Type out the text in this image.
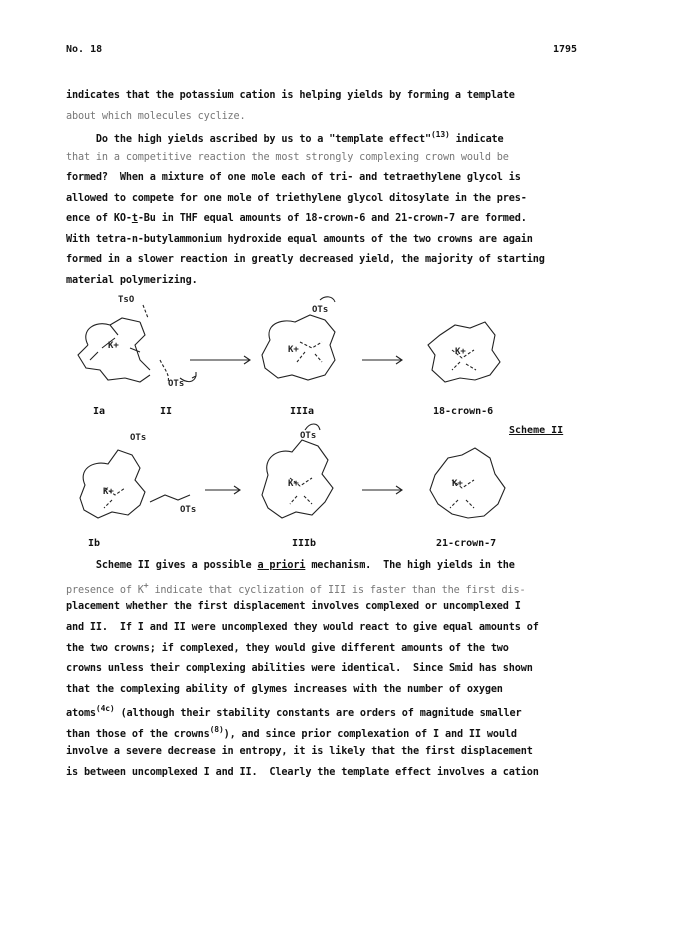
No. 18	1795
indicates that the potassium cation is helping yields by forming a template
about which molecules cyclize.
Do the high yields ascribed by us to a "template effect"$^{(13)}$ indicate
that in a competitive reaction the most strongly complexing crown would be
formed?  When a mixture of one mole each of tri- and tetraethylene glycol is
allowed to compete for one mole of triethylene glycol ditosylate in the pres-
ence of KO-t-Bu in THF equal amounts of 18-crown-6 and 21-crown-7 are formed.
With tetra-n-butylammonium hydroxide equal amounts of the two crowns are again
formed in a slower reaction in greatly decreased yield, the majority of starting
material polymerizing.
TsO
K+
OTs
OTs
K+	K+
OTs
K+
OTs
OTs
K+	K+
Ia	II	IIIa	18-crown-6
Scheme II
Ib	IIIb	21-crown-7
Scheme II gives a possible a priori mechanism.  The high yields in the
presence of K+ indicate that cyclization of III is faster than the first dis-
placement whether the first displacement involves complexed or uncomplexed I
and II.  If I and II were uncomplexed they would react to give equal amounts of
the two crowns; if complexed, they would give different amounts of the two
crowns unless their complexing abilities were identical.  Since Smid has shown
that the complexing ability of glymes increases with the number of oxygen
atoms$^{(4c)}$ (although their stability constants are orders of magnitude smaller
than those of the crowns$^{(8)}$), and since prior complexation of I and II would
involve a severe decrease in entropy, it is likely that the first displacement
is between uncomplexed I and II.  Clearly the template effect involves a cation
